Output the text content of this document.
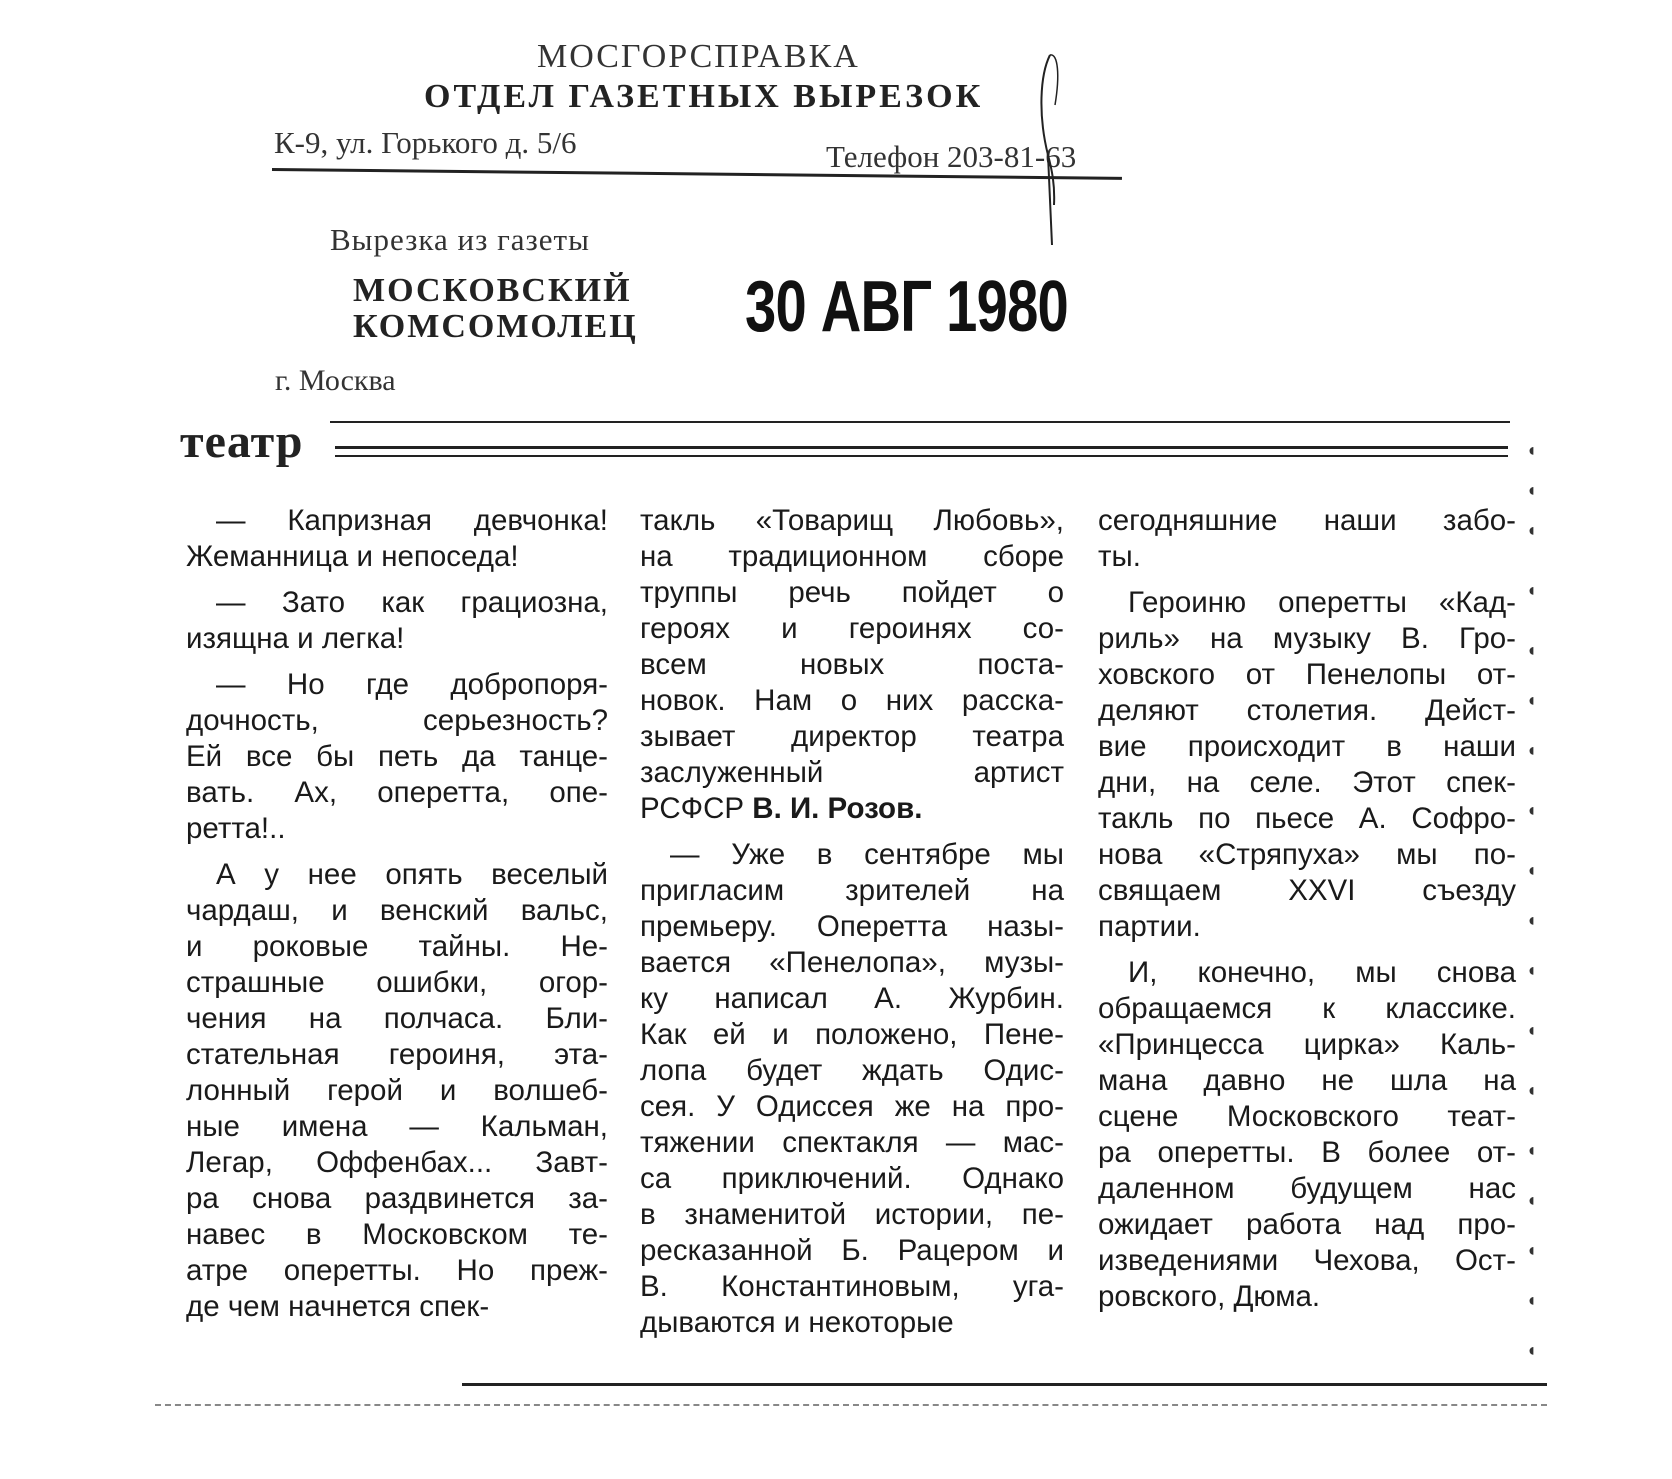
МОСГОРСПРАВКА
ОТДЕЛ ГАЗЕТНЫХ ВЫРЕЗОК
К-9, ул. Горького д. 5/6	Телефон 203-81-63
Вырезка из газеты
МОСКОВСКИЙ
КОМСОМОЛЕЦ 30 АВГ 1980
г. Москва
театр

— Капризная девчонка!
Жеманница и непоседа!

— Зато как грациозна,
изящна и легка!

— Но где добропоря-
дочность, серьезность?
Ей все бы петь да танце-
вать. Ах, оперетта, опе-
ретта!..

А у нее опять веселый
чардаш, и венский вальс,
и роковые тайны. Не-
страшные ошибки, огор-
чения на полчаса. Бли-
стательная героиня, эта-
лонный герой и волшеб-
ные имена — Кальман,
Легар, Оффенбах... Завт-
ра снова раздвинется за-
навес в Московском те-
атре оперетты. Но преж-
де чем начнется спек-

такль «Товарищ Любовь»,
на традиционном сборе
труппы речь пойдет о
героях и героинях со-
всем новых поста-
новок. Нам о них расска-
зывает директор театра
заслуженный артист
РСФСР В. И. Розов.

— Уже в сентябре мы
пригласим зрителей на
премьеру. Оперетта назы-
вается «Пенелопа», музы-
ку написал А. Журбин.
Как ей и положено, Пене-
лопа будет ждать Одис-
сея. У Одиссея же на про-
тяжении спектакля — мас-
са приключений. Однако
в знаменитой истории, пе-
ресказанной Б. Рацером и
В. Константиновым, уга-
дываются и некоторые

сегодняшние наши забо-
ты.

Героиню оперетты «Кад-
риль» на музыку В. Гро-
ховского от Пенелопы от-
деляют столетия. Дейст-
вие происходит в наши
дни, на селе. Этот спек-
такль по пьесе А. Софро-
нова «Стряпуха» мы по-
свящаем XXVI съезду
партии.

И, конечно, мы снова
обращаемся к классике.
«Принцесса цирка» Каль-
мана давно не шла на
сцене Московского теат-
ра оперетты. В более от-
даленном будущем нас
ожидает работа над про-
изведениями Чехова, Ост-
ровского, Дюма.

◖
◖
◖
◖
◖
◖
◖
◖
◖
◖
◖
◖
◖
◖
◖
◖
◖
◖
